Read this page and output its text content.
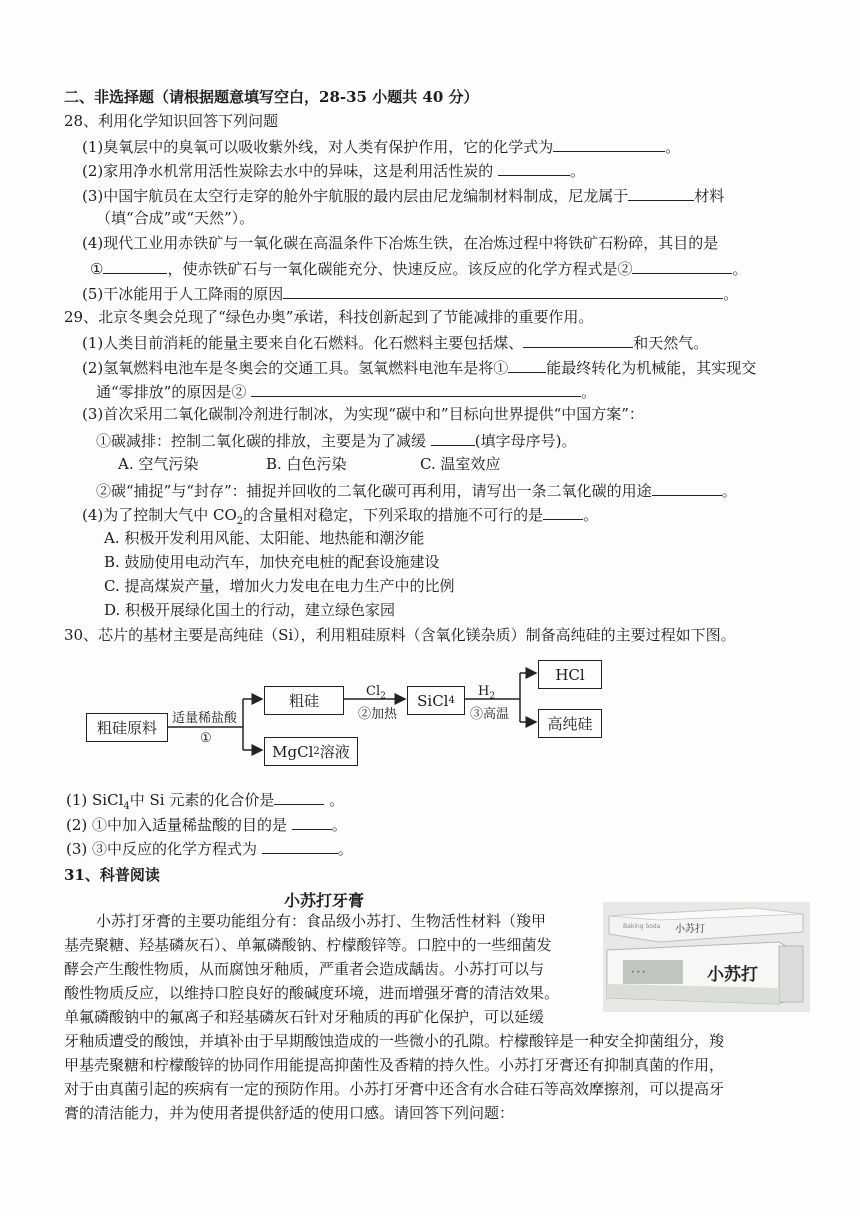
二、非选择题（请根据题意填写空白，28-35 小题共 40 分）
28、利用化学知识回答下列问题
(1)臭氧层中的臭氧可以吸收紫外线，对人类有保护作用，它的化学式为	。
(2)家用净水机常用活性炭除去水中的异味，这是利用活性炭的	。
(3)中国宇航员在太空行走穿的舱外宇航服的最内层由尼龙编制材料制成，尼龙属于	材料
（填“合成”或“天然”）。
(4)现代工业用赤铁矿与一氧化碳在高温条件下冶炼生铁，在冶炼过程中将铁矿石粉碎，其目的是
①	，使赤铁矿石与一氧化碳能充分、快速反应。该反应的化学方程式是②	。
(5)干冰能用于人工降雨的原因	。
29、北京冬奥会兑现了“绿色办奥”承诺，科技创新起到了节能减排的重要作用。
(1)人类目前消耗的能量主要来自化石燃料。化石燃料主要包括煤、	和天然气。
(2)氢氧燃料电池车是冬奥会的交通工具。氢氧燃料电池车是将①	能最终转化为机械能，其实现交
通“零排放”的原因是②	。
(3)首次采用二氧化碳制冷剂进行制冰，为实现“碳中和”目标向世界提供“中国方案”：
①碳减排：控制二氧化碳的排放，主要是为了减缓	(填字母序号)。
A. 空气污染	B. 白色污染	C. 温室效应
②碳“捕捉”与“封存”：捕捉并回收的二氧化碳可再利用，请写出一条二氧化碳的用途	。
(4)为了控制大气中 $CO_2$的含量相对稳定，下列采取的措施不可行的是	。
A. 积极开发利用风能、太阳能、地热能和潮汐能
B. 鼓励使用电动汽车，加快充电桩的配套设施建设
C. 提高煤炭产量，增加火力发电在电力生产中的比例
D. 积极开展绿化国土的行动，建立绿色家园
30、芯片的基材主要是高纯硅（Si），利用粗硅原料（含氧化镁杂质）制备高纯硅的主要过程如下图。
粗硅原料
适量稀盐酸
①
粗硅
MgCl 2 溶液
$Cl_2$
②加热
SiCl 4
$H_2$
③高温
HCl
高纯硅
(1) SiCl$_4$中 Si 元素的化合价是	。
(2) ①中加入适量稀盐酸的目的是	。
(3) ③中反应的化学方程式为	。
31、科普阅读
小苏打牙膏
小苏打牙膏的主要功能组分有：食品级小苏打、生物活性材料（羧甲
基壳聚糖、羟基磷灰石）、单氟磷酸钠、柠檬酸锌等。口腔中的一些细菌发
酵会产生酸性物质，从而腐蚀牙釉质，严重者会造成龋齿。小苏打可以与
酸性物质反应，以维持口腔良好的酸碱度环境，进而增强牙膏的清洁效果。
单氟磷酸钠中的氟离子和羟基磷灰石针对牙釉质的再矿化保护，可以延缓
牙釉质遭受的酸蚀，并填补由于早期酸蚀造成的一些微小的孔隙。柠檬酸锌是一种安全抑菌组分，羧
甲基壳聚糖和柠檬酸锌的协同作用能提高抑菌性及香精的持久性。小苏打牙膏还有抑制真菌的作用，
对于由真菌引起的疾病有一定的预防作用。小苏打牙膏中还含有水合硅石等高效摩擦剂，可以提高牙
膏的清洁能力，并为使用者提供舒适的使用口感。请回答下列问题：
Baking Soda 小苏打
• • •	小苏打
